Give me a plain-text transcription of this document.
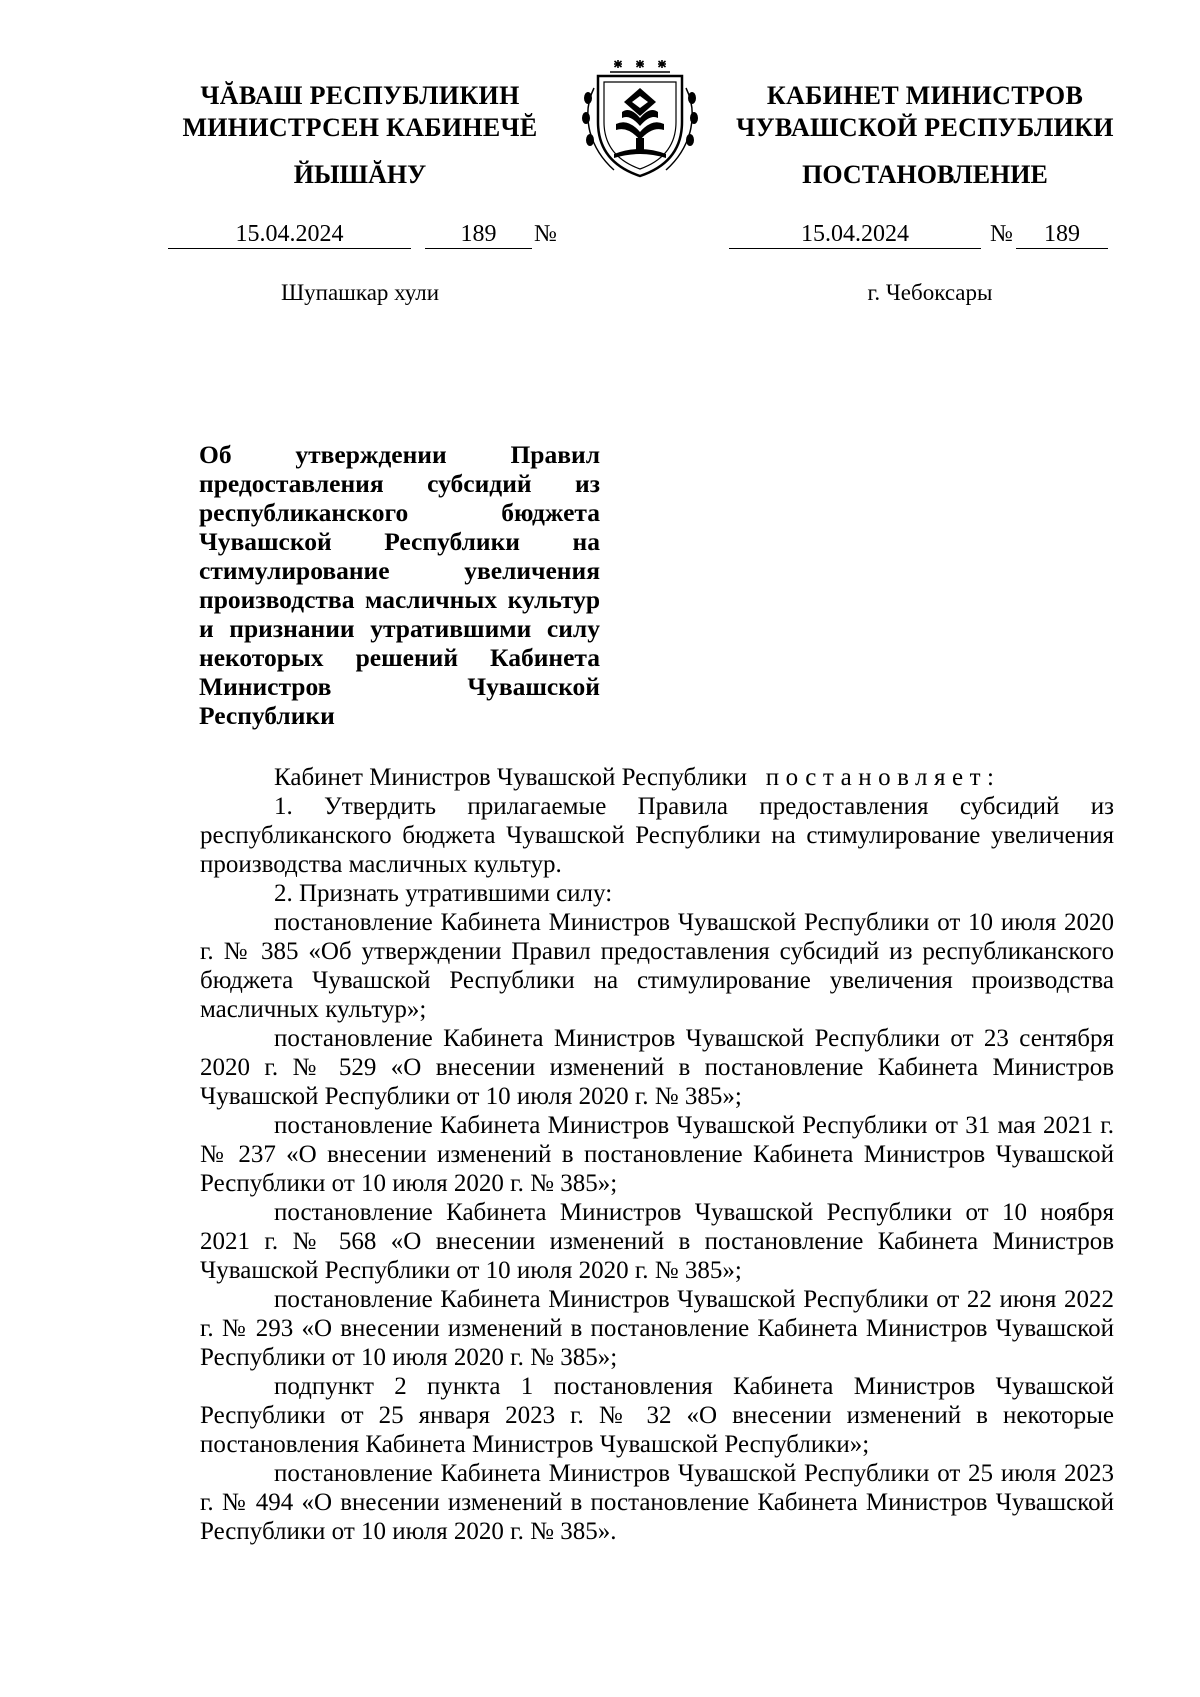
ЧĂВАШ РЕСПУБЛИКИН
МИНИСТРСЕН КАБИНЕЧĔ
ЙЫШĂНУ
15.04.2024	189	№
Шупашкар хули
КАБИНЕТ МИНИСТРОВ
ЧУВАШСКОЙ РЕСПУБЛИКИ
ПОСТАНОВЛЕНИЕ
15.04.2024	№	189
г. Чебоксары
Об утверждении Правил предоставления субсидий из республиканского бюджета Чувашской Республики на стимулирование увеличения производства масличных культур и признании утратившими силу некоторых решений Кабинета Министров Чувашской Республики

Кабинет Министров Чувашской Республики постановляет:

1. Утвердить прилагаемые Правила предоставления субсидий из республиканского бюджета Чувашской Республики на стимулирование увеличения производства масличных культур.

2. Признать утратившими силу:

постановление Кабинета Министров Чувашской Республики от 10 июля 2020 г. № 385 «Об утверждении Правил предоставления субсидий из республиканского бюджета Чувашской Республики на стимулирование увеличения производства масличных культур»;

постановление Кабинета Министров Чувашской Республики от 23 сентября 2020 г. № 529 «О внесении изменений в постановление Кабинета Министров Чувашской Республики от 10 июля 2020 г. № 385»;

постановление Кабинета Министров Чувашской Республики от 31 мая 2021 г. № 237 «О внесении изменений в постановление Кабинета Министров Чувашской Республики от 10 июля 2020 г. № 385»;

постановление Кабинета Министров Чувашской Республики от 10 ноября 2021 г. № 568 «О внесении изменений в постановление Кабинета Министров Чувашской Республики от 10 июля 2020 г. № 385»;

постановление Кабинета Министров Чувашской Республики от 22 июня 2022 г. № 293 «О внесении изменений в постановление Кабинета Министров Чувашской Республики от 10 июля 2020 г. № 385»;

подпункт 2 пункта 1 постановления Кабинета Министров Чувашской Республики от 25 января 2023 г. № 32 «О внесении изменений в некоторые постановления Кабинета Министров Чувашской Республики»;

постановление Кабинета Министров Чувашской Республики от 25 июля 2023 г. № 494 «О внесении изменений в постановление Кабинета Министров Чувашской Республики от 10 июля 2020 г. № 385».
